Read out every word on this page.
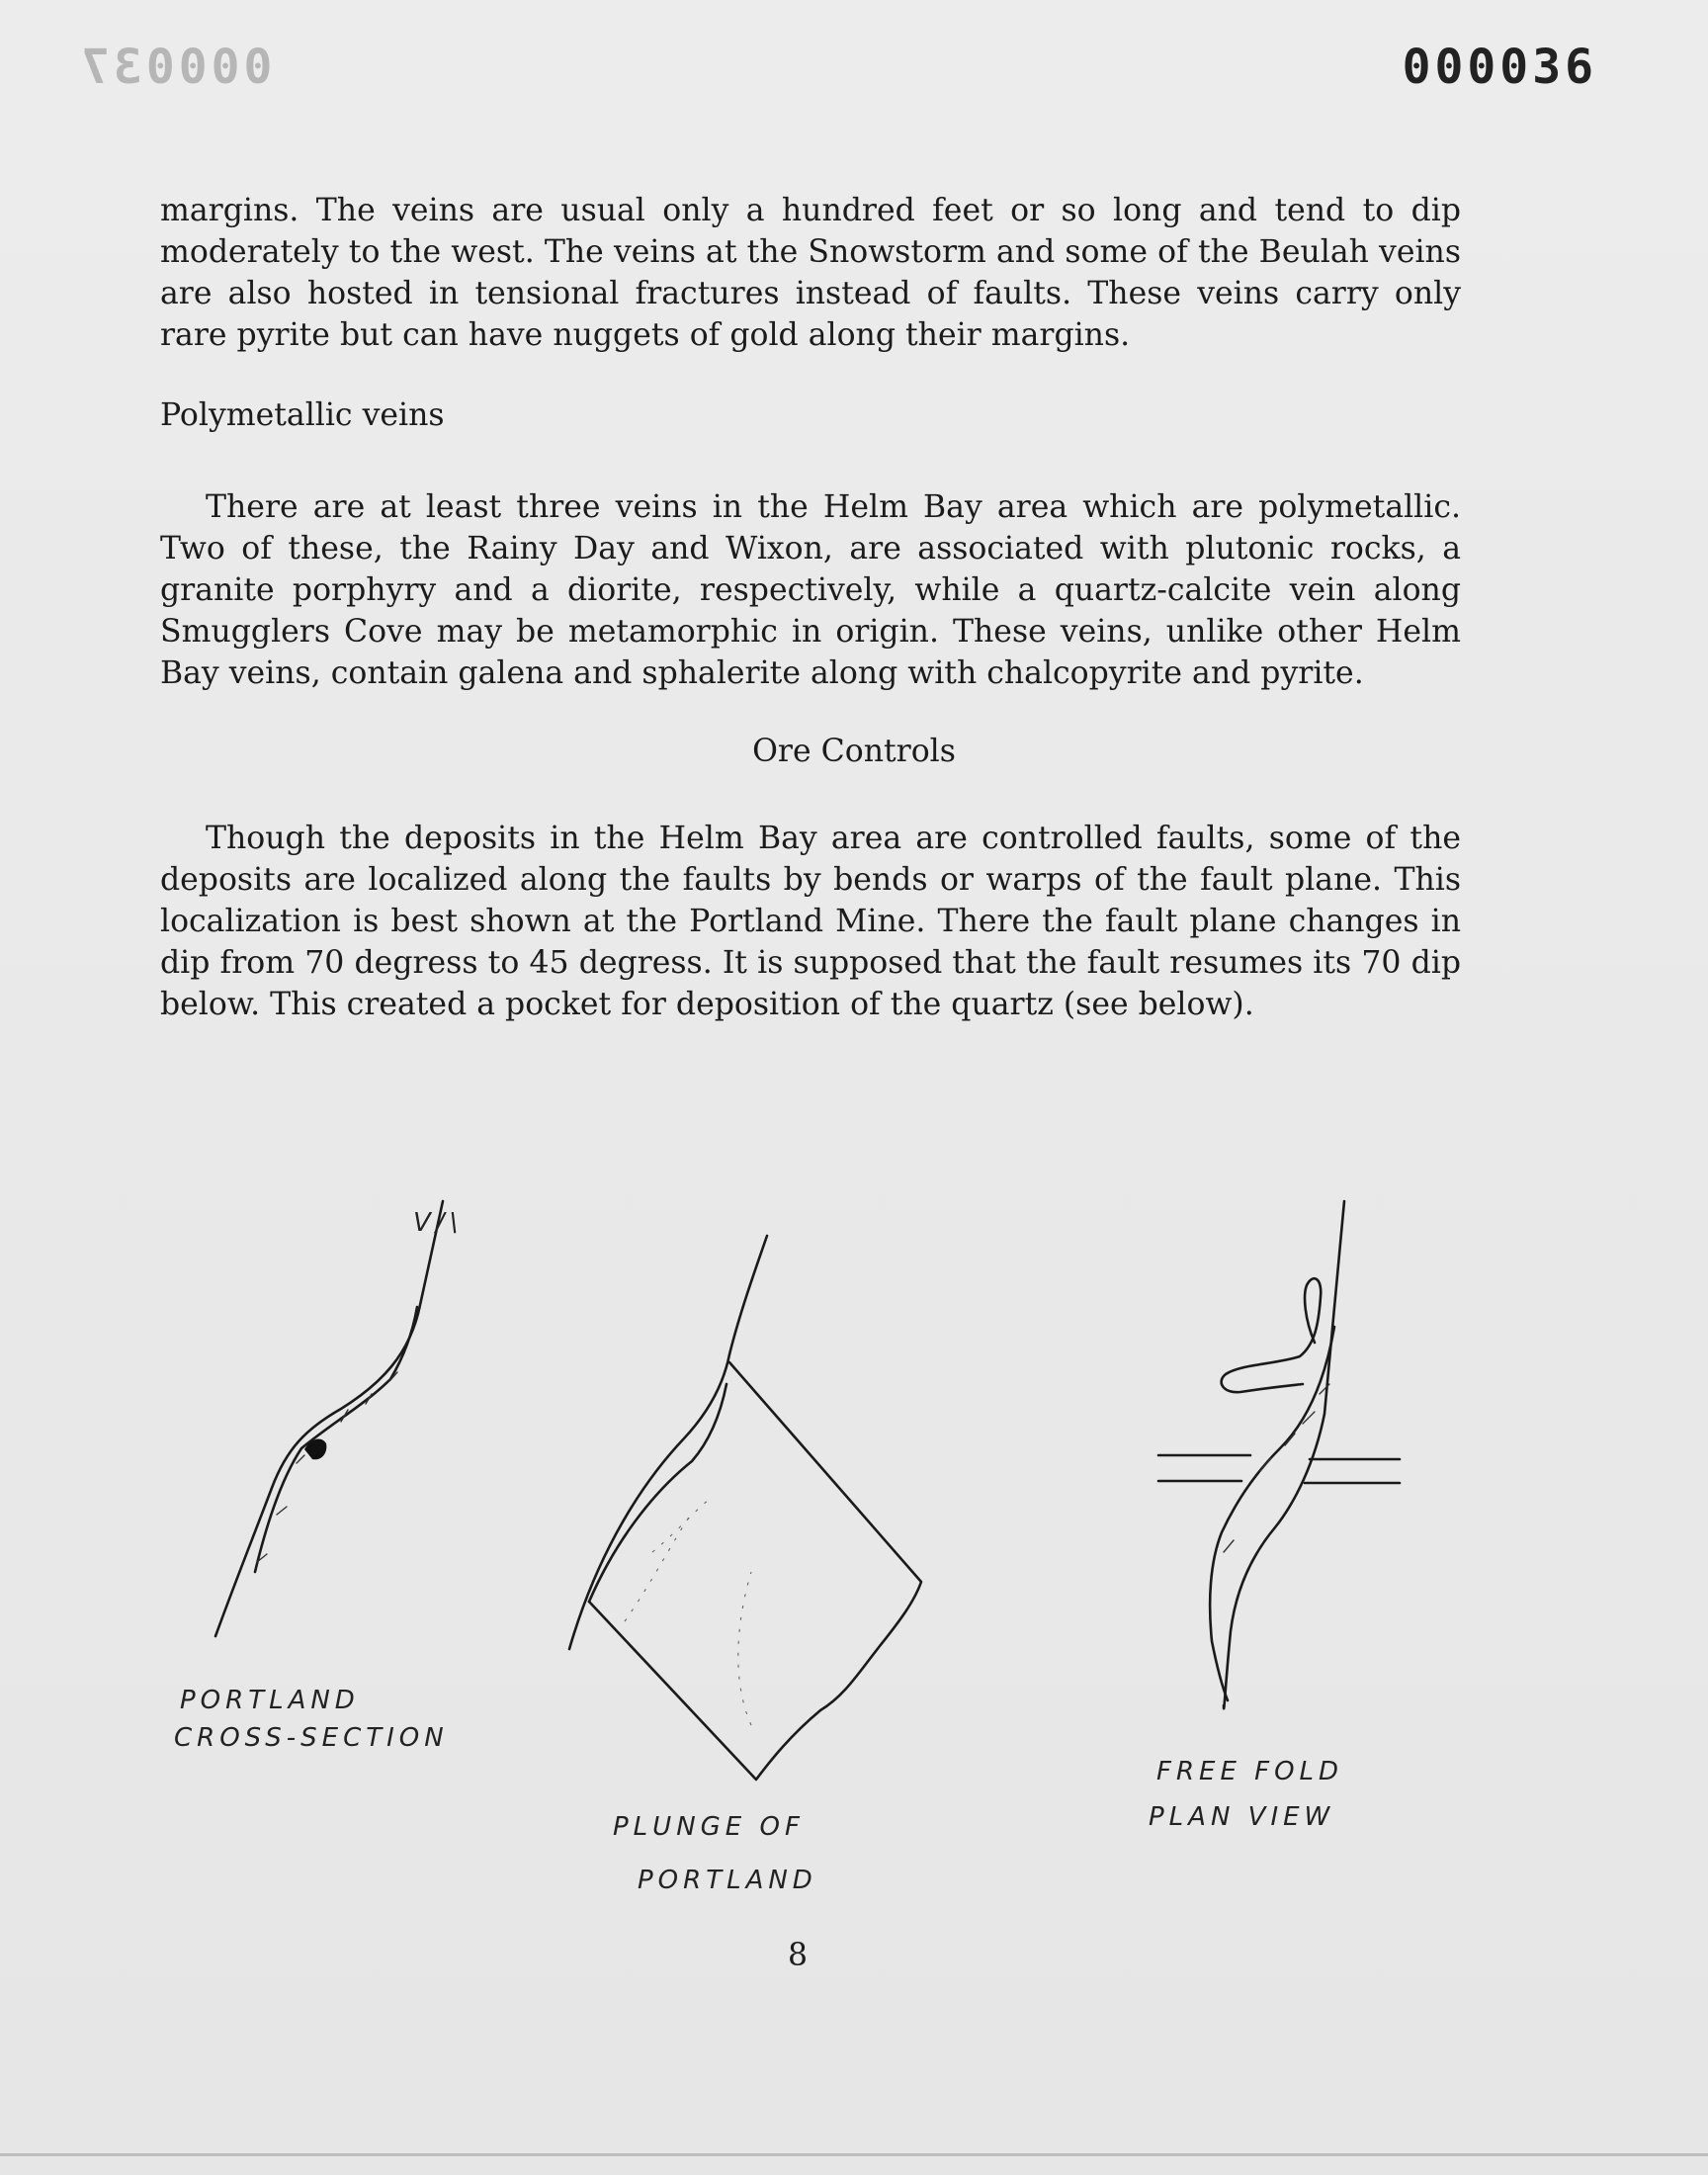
000037	000036

margins. The veins are usual only a hundred feet or so long and tend to dip moderately to the west. The veins at the Snowstorm and some of the Beulah veins are also hosted in tensional fractures instead of faults. These veins carry only rare pyrite but can have nuggets of gold along their margins.

Polymetallic veins

There are at least three veins in the Helm Bay area which are polymetallic. Two of these, the Rainy Day and Wixon, are associated with plutonic rocks, a granite porphyry and a diorite, respectively, while a quartz-calcite vein along Smugglers Cove may be metamorphic in origin. These veins, unlike other Helm Bay veins, contain galena and sphalerite along with chalcopyrite and pyrite.

Ore Controls

Though the deposits in the Helm Bay area are controlled faults, some of the deposits are localized along the faults by bends or warps of the fault plane. This localization is best shown at the Portland Mine. There the fault plane changes in dip from 70 degress to 45 degress. It is supposed that the fault resumes its 70 dip below. This created a pocket for deposition of the quartz (see below).

V/\
PORTLAND
CROSS-SECTION
PLUNGE OF
PORTLAND
FREE FOLD
PLAN VIEW
8
